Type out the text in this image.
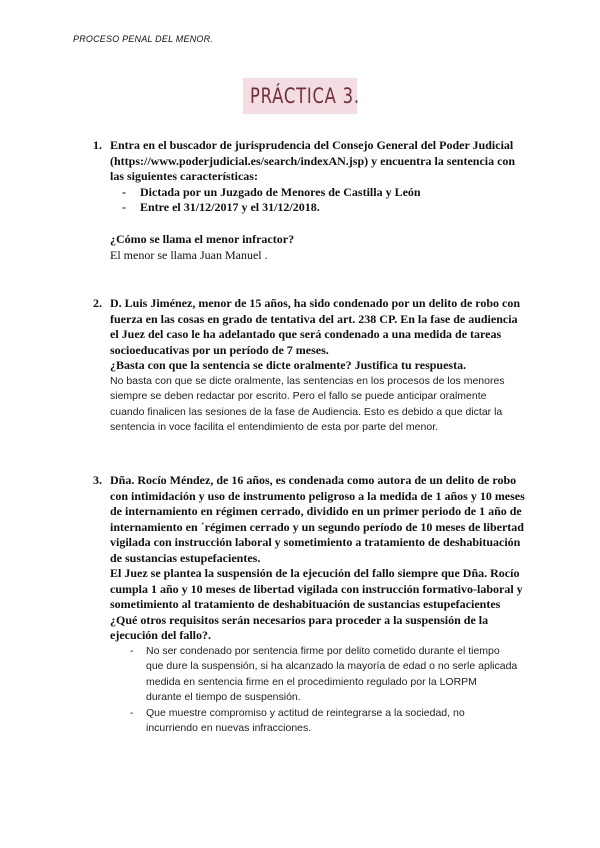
PROCESO PENAL DEL MENOR.
PRÁCTICA 3.
1. Entra en el buscador de jurisprudencia del Consejo General del Poder Judicial
(https://www.poderjudicial.es/search/indexAN.jsp) y encuentra la sentencia con
las siguientes características:
- Dictada por un Juzgado de Menores de Castilla y León
- Entre el 31/12/2017 y el 31/12/2018.
¿Cómo se llama el menor infractor?
El menor se llama Juan Manuel .
2. D. Luis Jiménez, menor de 15 años, ha sido condenado por un delito de robo con
fuerza en las cosas en grado de tentativa del art. 238 CP. En la fase de audiencia
el Juez del caso le ha adelantado que será condenado a una medida de tareas
socioeducativas por un período de 7 meses.
¿Basta con que la sentencia se dicte oralmente? Justifica tu respuesta.
No basta con que se dicte oralmente, las sentencias en los procesos de los menores
siempre se deben redactar por escrito. Pero el fallo se puede anticipar oralmente
cuando finalicen las sesiones de la fase de Audiencia. Esto es debido a que dictar la
sentencia in voce facilita el entendimiento de esta por parte del menor.
3. Dña. Rocío Méndez, de 16 años, es condenada como autora de un delito de robo
con intimidación y uso de instrumento peligroso a la medida de 1 años y 10 meses
de internamiento en régimen cerrado, dividido en un primer periodo de 1 año de
internamiento en ´régimen cerrado y un segundo período de 10 meses de libertad
vigilada con instrucción laboral y sometimiento a tratamiento de deshabituación
de sustancias estupefacientes.
El Juez se plantea la suspensión de la ejecución del fallo siempre que Dña. Rocío
cumpla 1 año y 10 meses de libertad vigilada con instrucción formativo-laboral y
sometimiento al tratamiento de deshabituación de sustancias estupefacientes
¿Qué otros requisitos serán necesarios para proceder a la suspensión de la
ejecución del fallo?.
- No ser condenado por sentencia firme por delito cometido durante el tiempo
que dure la suspensión, si ha alcanzado la mayoría de edad o no serle aplicada
medida en sentencia firme en el procedimiento regulado por la LORPM
durante el tiempo de suspensión.
- Que muestre compromiso y actitud de reintegrarse a la sociedad, no
incurriendo en nuevas infracciones.
